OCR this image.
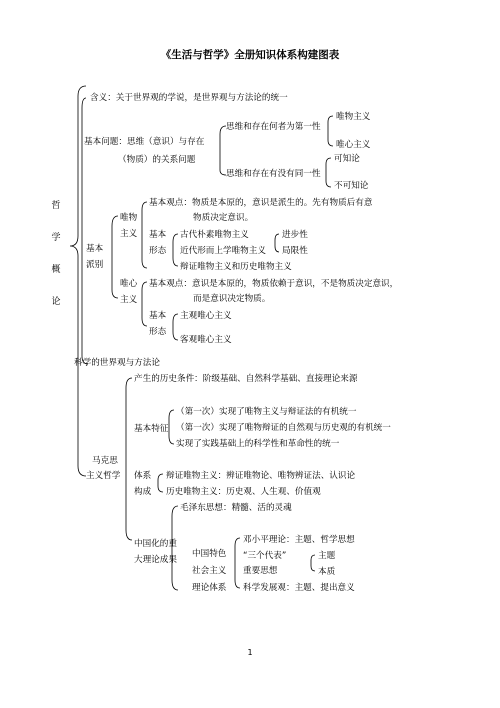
《生活与哲学》全册知识体系构建图表
哲
学
概
论
含义：关于世界观的学说，是世界观与方法论的统一
基本问题：思维（意识）与存在
（物质）的关系问题
思维和存在何者为第一性
唯物主义
唯心主义
思维和存在有没有同一性
可知论
不可知论
基本
派别
唯物
主义
基本观点：物质是本原的，意识是派生的。先有物质后有意
物质决定意识。
基本
形态
古代朴素唯物主义
近代形而上学唯物主义
辩证唯物主义和历史唯物主义
进步性
局限性
唯心
主义
基本观点：意识是本原的，物质依赖于意识，不是物质决定意识，
而是意识决定物质。
基本
形态
主观唯心主义
客观唯心主义
科学的世界观与方法论
马克思
主义哲学
产生的历史条件：阶级基础、自然科学基础、直接理论来源
基本特征
（第一次）实现了唯物主义与辩证法的有机统一
（第一次）实现了唯物辩证的自然观与历史观的有机统一
实现了实践基础上的科学性和革命性的统一
体系
构成
辩证唯物主义：辨证唯物论、唯物辨证法、认识论
历史唯物主义：历史观、人生观、价值观
中国化的重
大理论成果
毛泽东思想：精髓、活的灵魂
中国特色
社会主义
理论体系
邓小平理论：主题、哲学思想
“三个代表”
重要思想
主题
本质
科学发展观：主题、提出意义
1
